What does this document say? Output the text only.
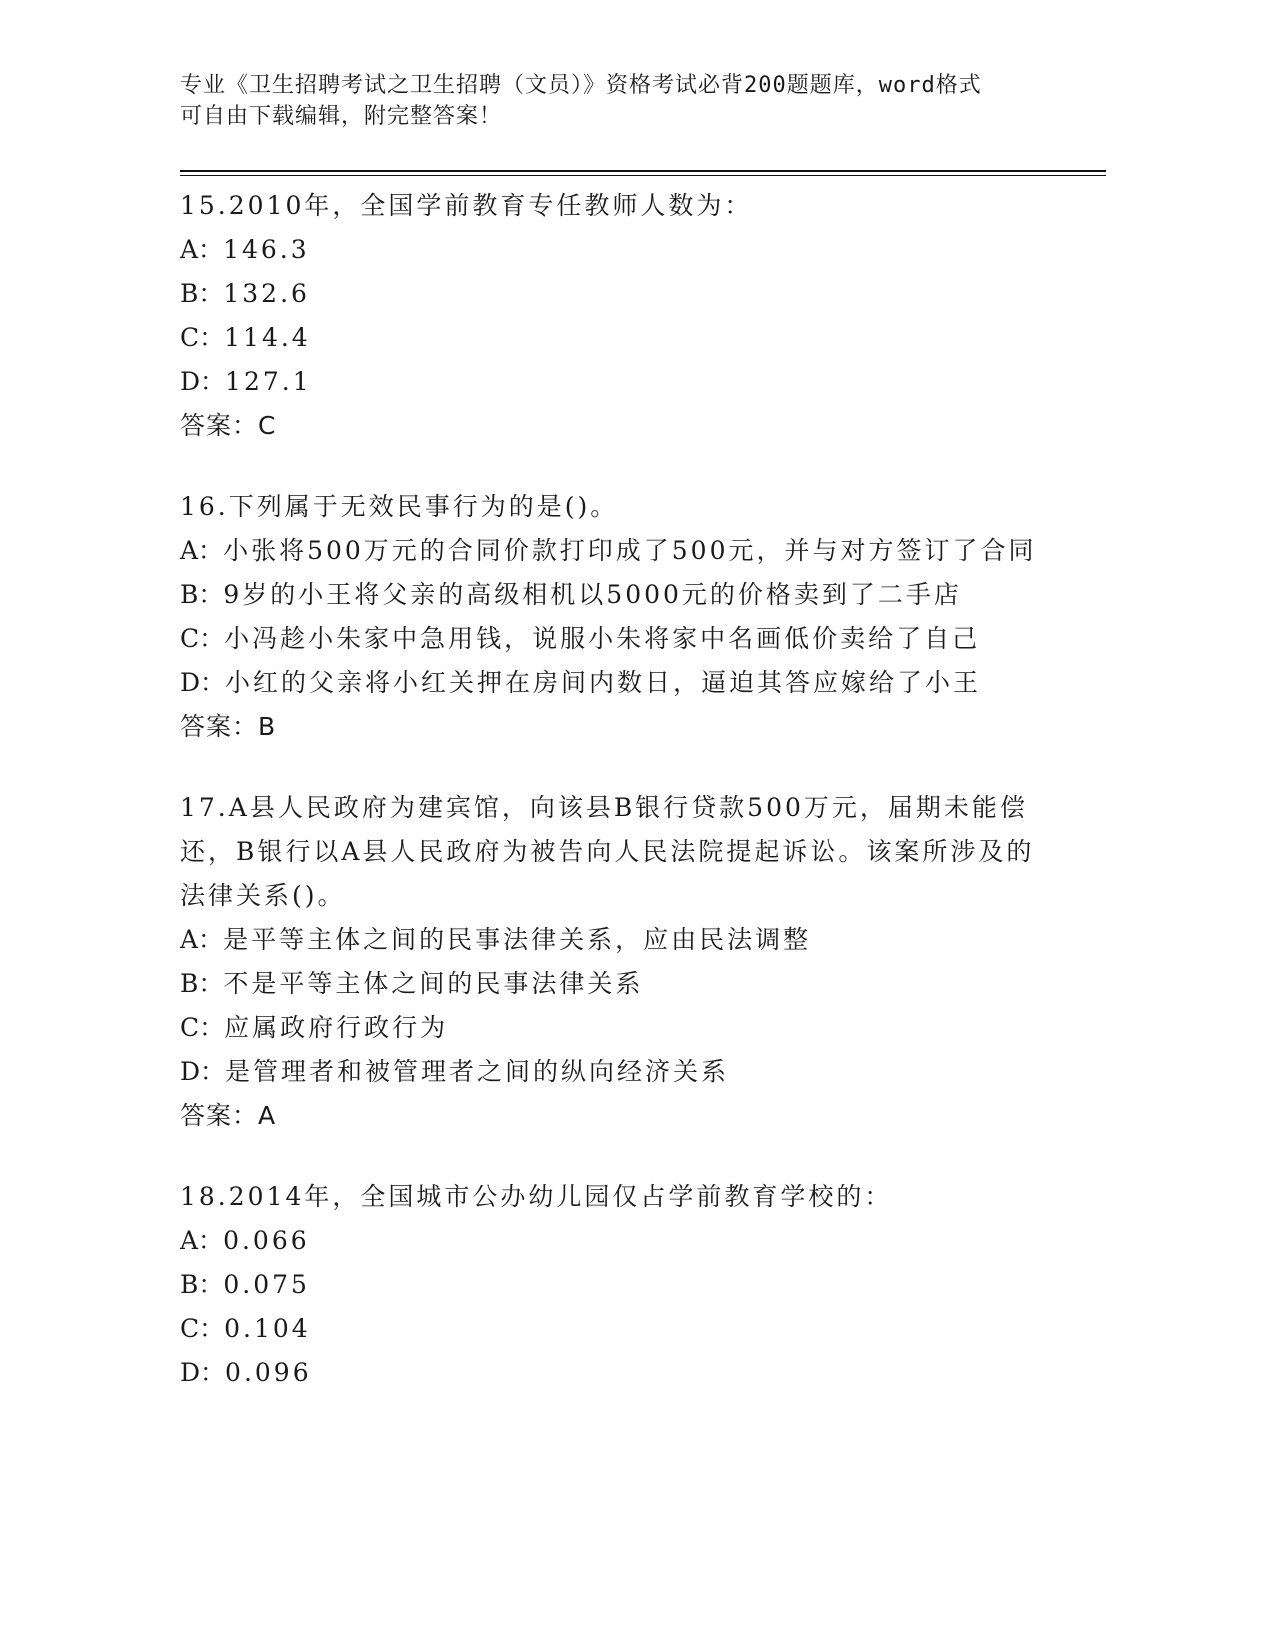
专业《卫生招聘考试之卫生招聘（文员）》资格考试必背200题题库，word格式
可自由下载编辑，附完整答案！
15.2010年，全国学前教育专任教师人数为：
A：146.3
B：132.6
C：114.4
D：127.1
答案：C
16.下列属于无效民事行为的是()。
A：小张将500万元的合同价款打印成了500元，并与对方签订了合同
B：9岁的小王将父亲的高级相机以5000元的价格卖到了二手店
C：小冯趁小朱家中急用钱，说服小朱将家中名画低价卖给了自己
D：小红的父亲将小红关押在房间内数日，逼迫其答应嫁给了小王
答案：B
17.A县人民政府为建宾馆，向该县B银行贷款500万元，届期未能偿
还，B银行以A县人民政府为被告向人民法院提起诉讼。该案所涉及的
法律关系()。
A：是平等主体之间的民事法律关系，应由民法调整
B：不是平等主体之间的民事法律关系
C：应属政府行政行为
D：是管理者和被管理者之间的纵向经济关系
答案：A
18.2014年，全国城市公办幼儿园仅占学前教育学校的：
A：0.066
B：0.075
C：0.104
D：0.096
